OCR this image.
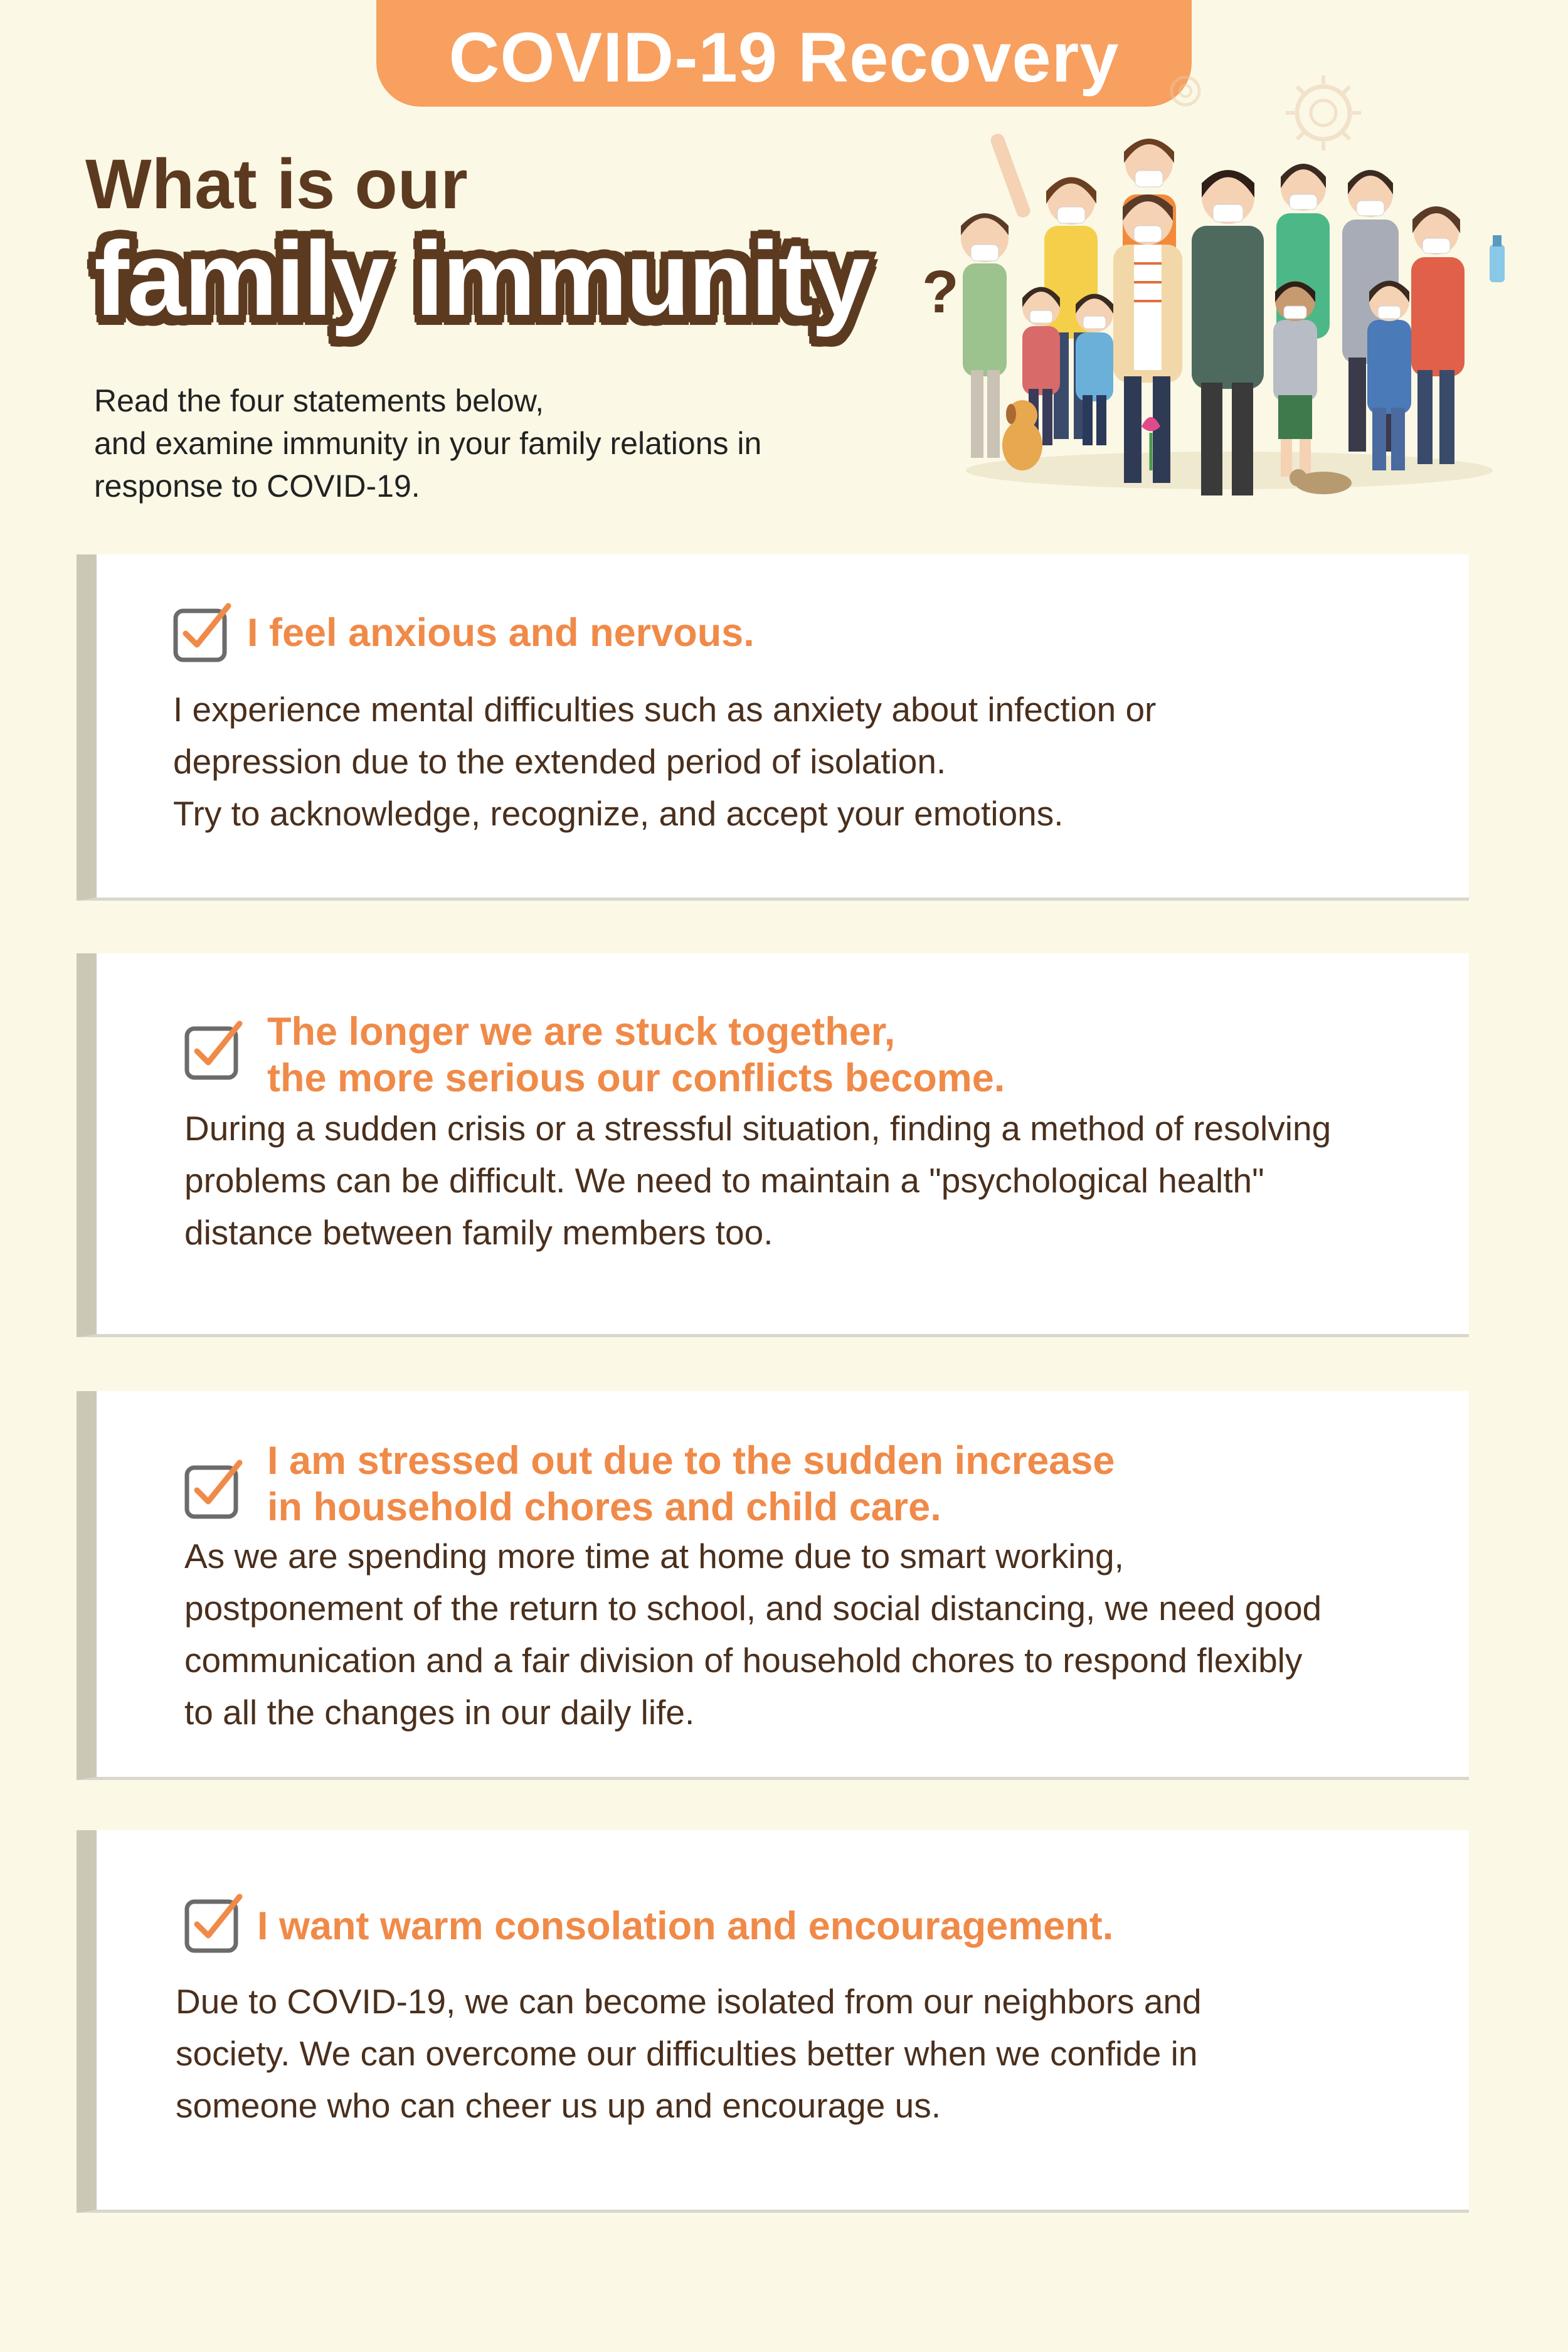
COVID-19 Recovery
What is our
family immunity ?
Read the four statements below,
and examine immunity in your family relations in
response to COVID-19.
I feel anxious and nervous.
I experience mental difficulties such as anxiety about infection or
depression due to the extended period of isolation.
Try to acknowledge, recognize, and accept your emotions.
The longer we are stuck together,
the more serious our conflicts become.
During a sudden crisis or a stressful situation, finding a method of resolving
problems can be difficult. We need to maintain a "psychological health"
distance between family members too.
I am stressed out due to the sudden increase
in household chores and child care.
As we are spending more time at home due to smart working,
postponement of the return to school, and social distancing, we need good
communication and a fair division of household chores to respond flexibly
to all the changes in our daily life.
I want warm consolation and encouragement.
Due to COVID-19, we can become isolated from our neighbors and
society. We can overcome our difficulties better when we confide in
someone who can cheer us up and encourage us.
